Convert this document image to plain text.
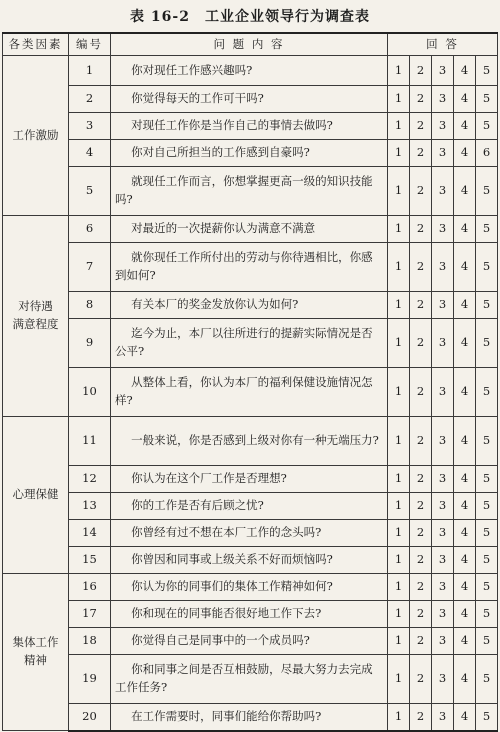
表 16-2　工业企业领导行为调查表
各类因素	编号	问 题 内 容	回 答				

工作激励	1	你对现任工作感兴趣吗?	1	2	3	4	5
	2	你觉得每天的工作可干吗?	1	2	3	4	5
	3	对现任工作你是当作自己的事情去做吗?	1	2	3	4	5
	4	你对自己所担当的工作感到自豪吗?	1	2	3	4	6
	5	就现任工作而言，你想掌握更高一级的知识技能吗?	1	2	3	4	5

对待遇
满意程度	6	对最近的一次提薪你认为满意不满意	1	2	3	4	5
	7	就你现任工作所付出的劳动与你待遇相比，你感到如何?	1	2	3	4	5
	8	有关本厂的奖金发放你认为如何?	1	2	3	4	5
	9	迄今为止，本厂以往所进行的提薪实际情况是否公平?	1	2	3	4	5
	10	从整体上看，你认为本厂的福利保健设施情况怎样?	1	2	3	4	5

心理保健	11	一般来说，你是否感到上级对你有一种无端压力?	1	2	3	4	5
	12	你认为在这个厂工作是否理想?	1	2	3	4	5
	13	你的工作是否有后顾之忧?	1	2	3	4	5
	14	你曾经有过不想在本厂工作的念头吗?	1	2	3	4	5
	15	你曾因和同事或上级关系不好而烦恼吗?	1	2	3	4	5

集体工作
精神	16	你认为你的同事们的集体工作精神如何?	1	2	3	4	5
	17	你和现在的同事能否很好地工作下去?	1	2	3	4	5
	18	你觉得自己是同事中的一个成员吗?	1	2	3	4	5
	19	你和同事之间是否互相鼓励，尽最大努力去完成工作任务?	1	2	3	4	5
	20	在工作需要时，同事们能给你帮助吗?	1	2	3	4	5
